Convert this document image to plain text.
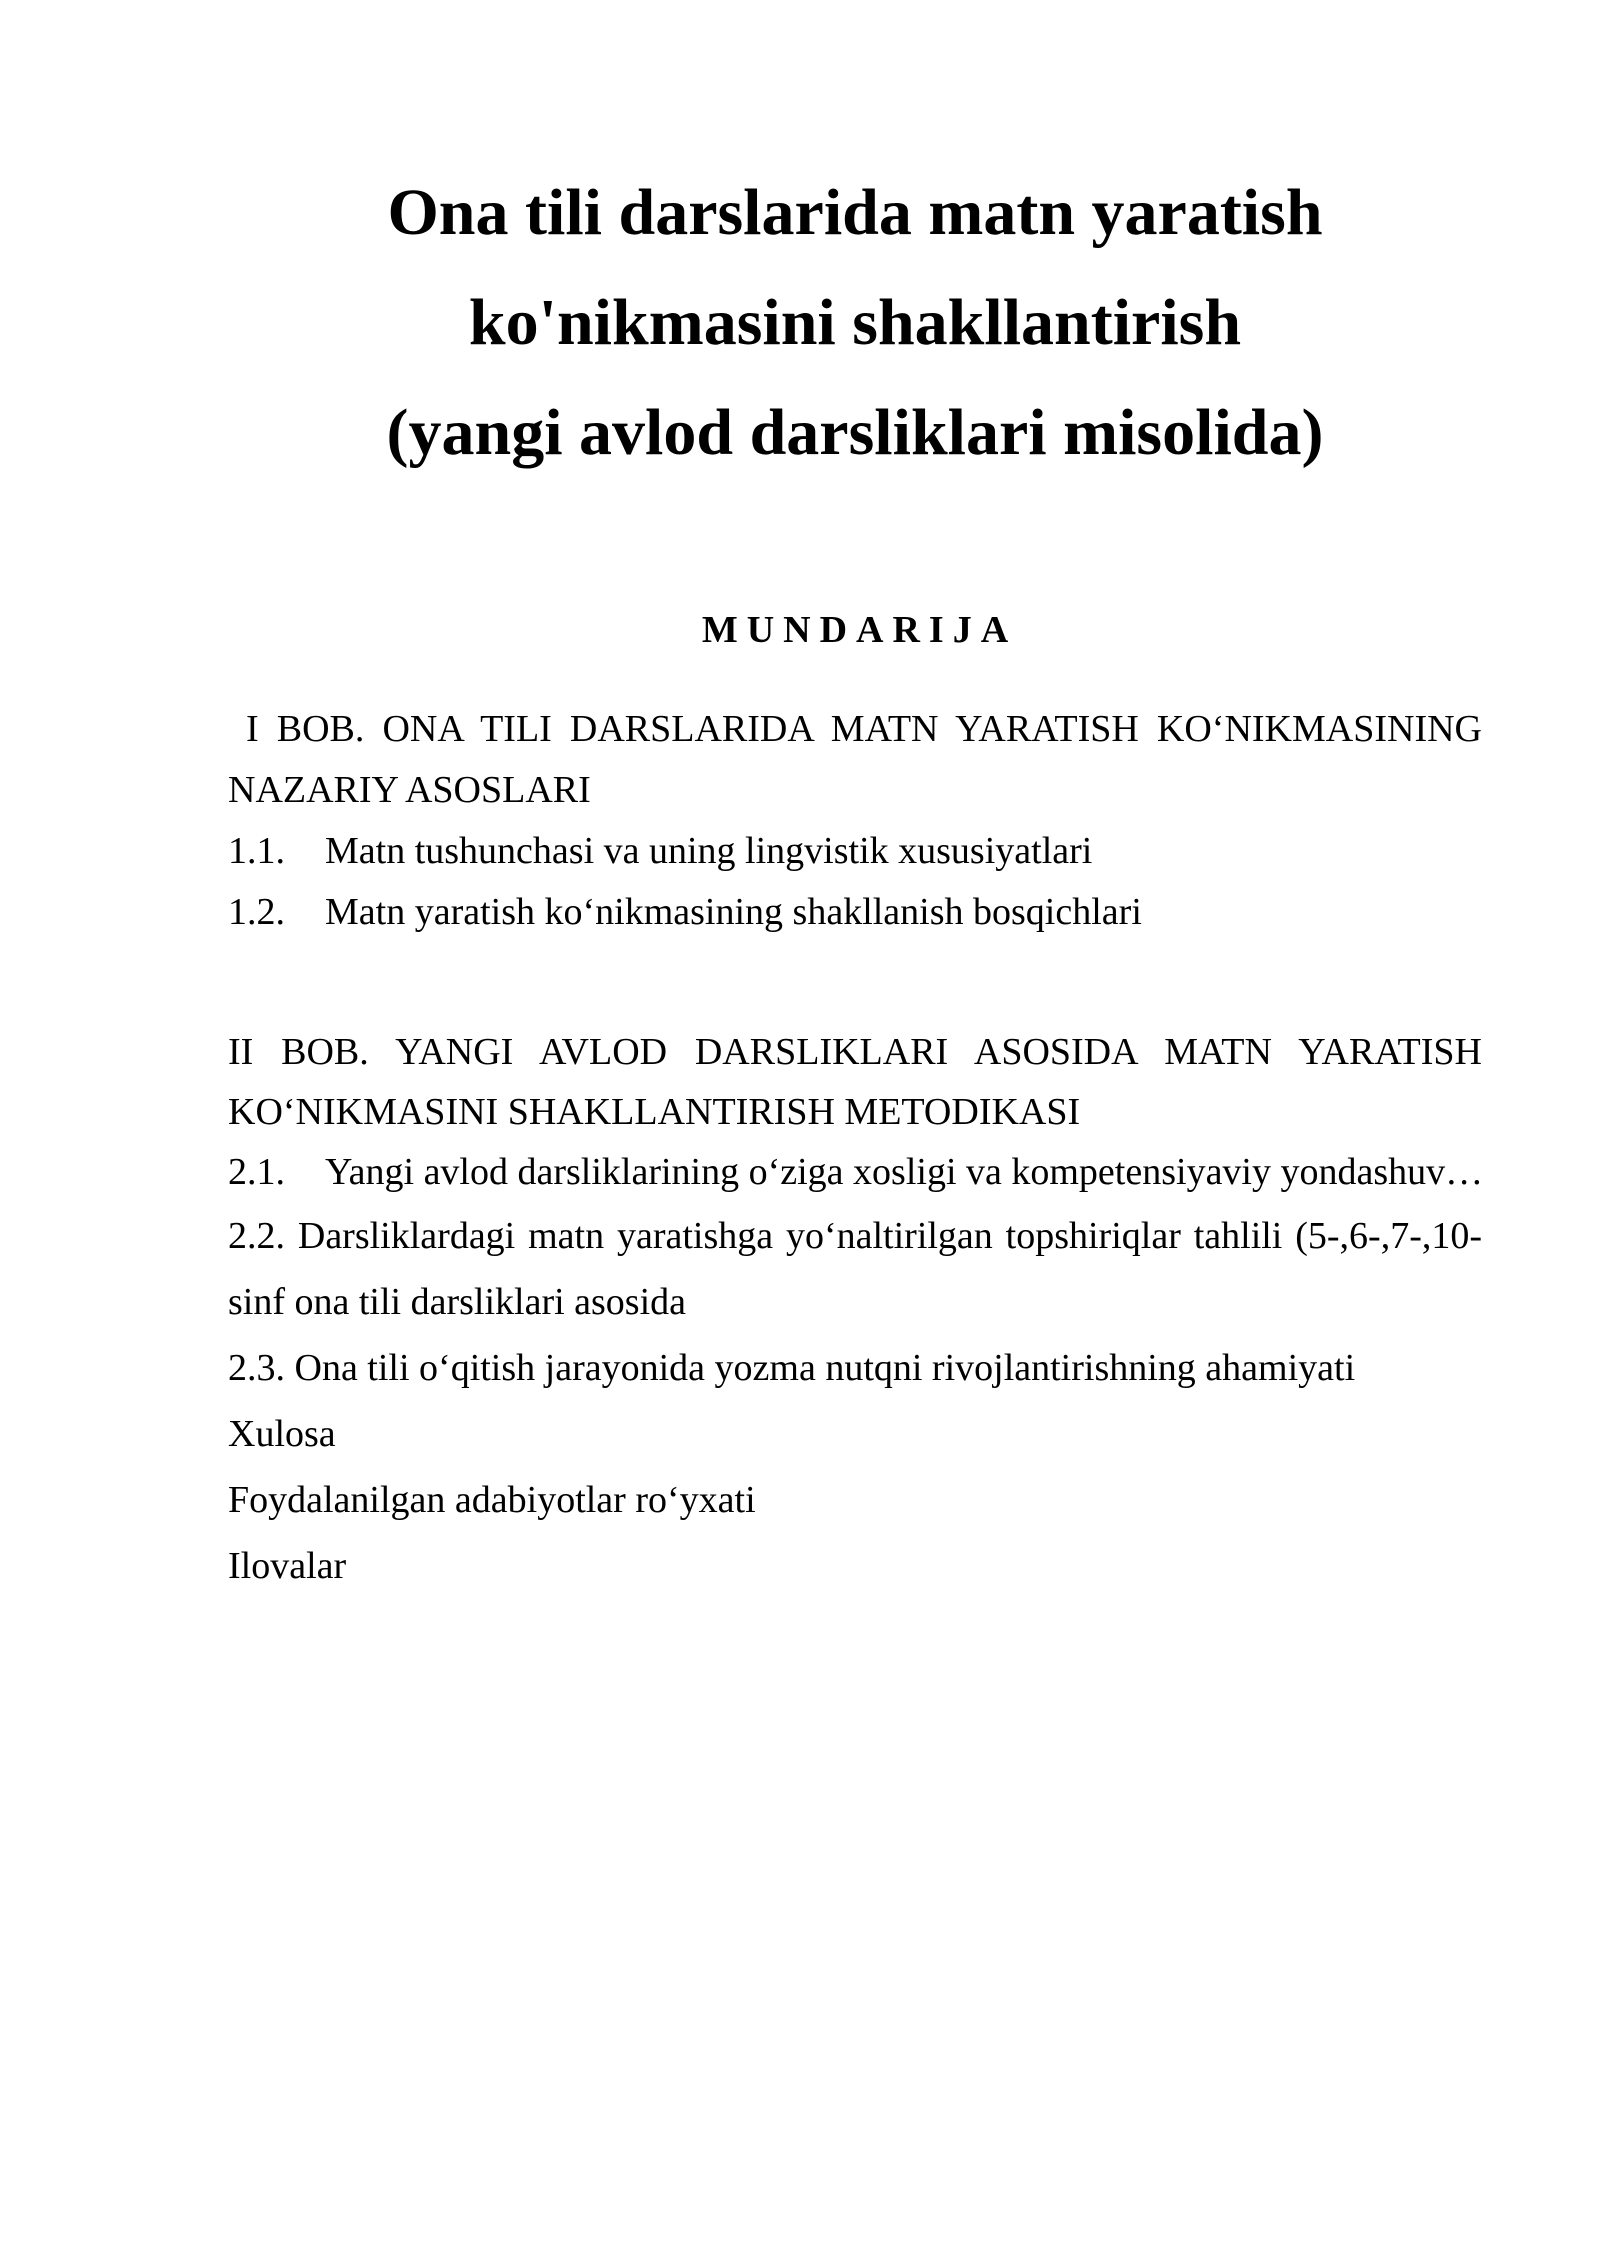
Ona tili darslarida matn yaratish
ko'nikmasini shakllantirish
(yangi avlod darsliklari misolida)
MUNDARIJA
I BOB. ONA TILI DARSLARIDA MATN YARATISH KO‘NIKMASINING
NAZARIY ASOSLARI
1.1. Matn tushunchasi va uning lingvistik xususiyatlari
1.2. Matn yaratish ko‘nikmasining shakllanish bosqichlari
II BOB. YANGI AVLOD DARSLIKLARI ASOSIDA MATN YARATISH
KO‘NIKMASINI SHAKLLANTIRISH METODIKASI
2.1. Yangi avlod darsliklarining o‘ziga xosligi va kompetensiyaviy yondashuv…
2.2. Darsliklardagi matn yaratishga yo‘naltirilgan topshiriqlar tahlili (5-,6-,7-,10-
sinf ona tili darsliklari asosida
2.3. Ona tili o‘qitish jarayonida yozma nutqni rivojlantirishning ahamiyati
Xulosa
Foydalanilgan adabiyotlar ro‘yxati
Ilovalar
